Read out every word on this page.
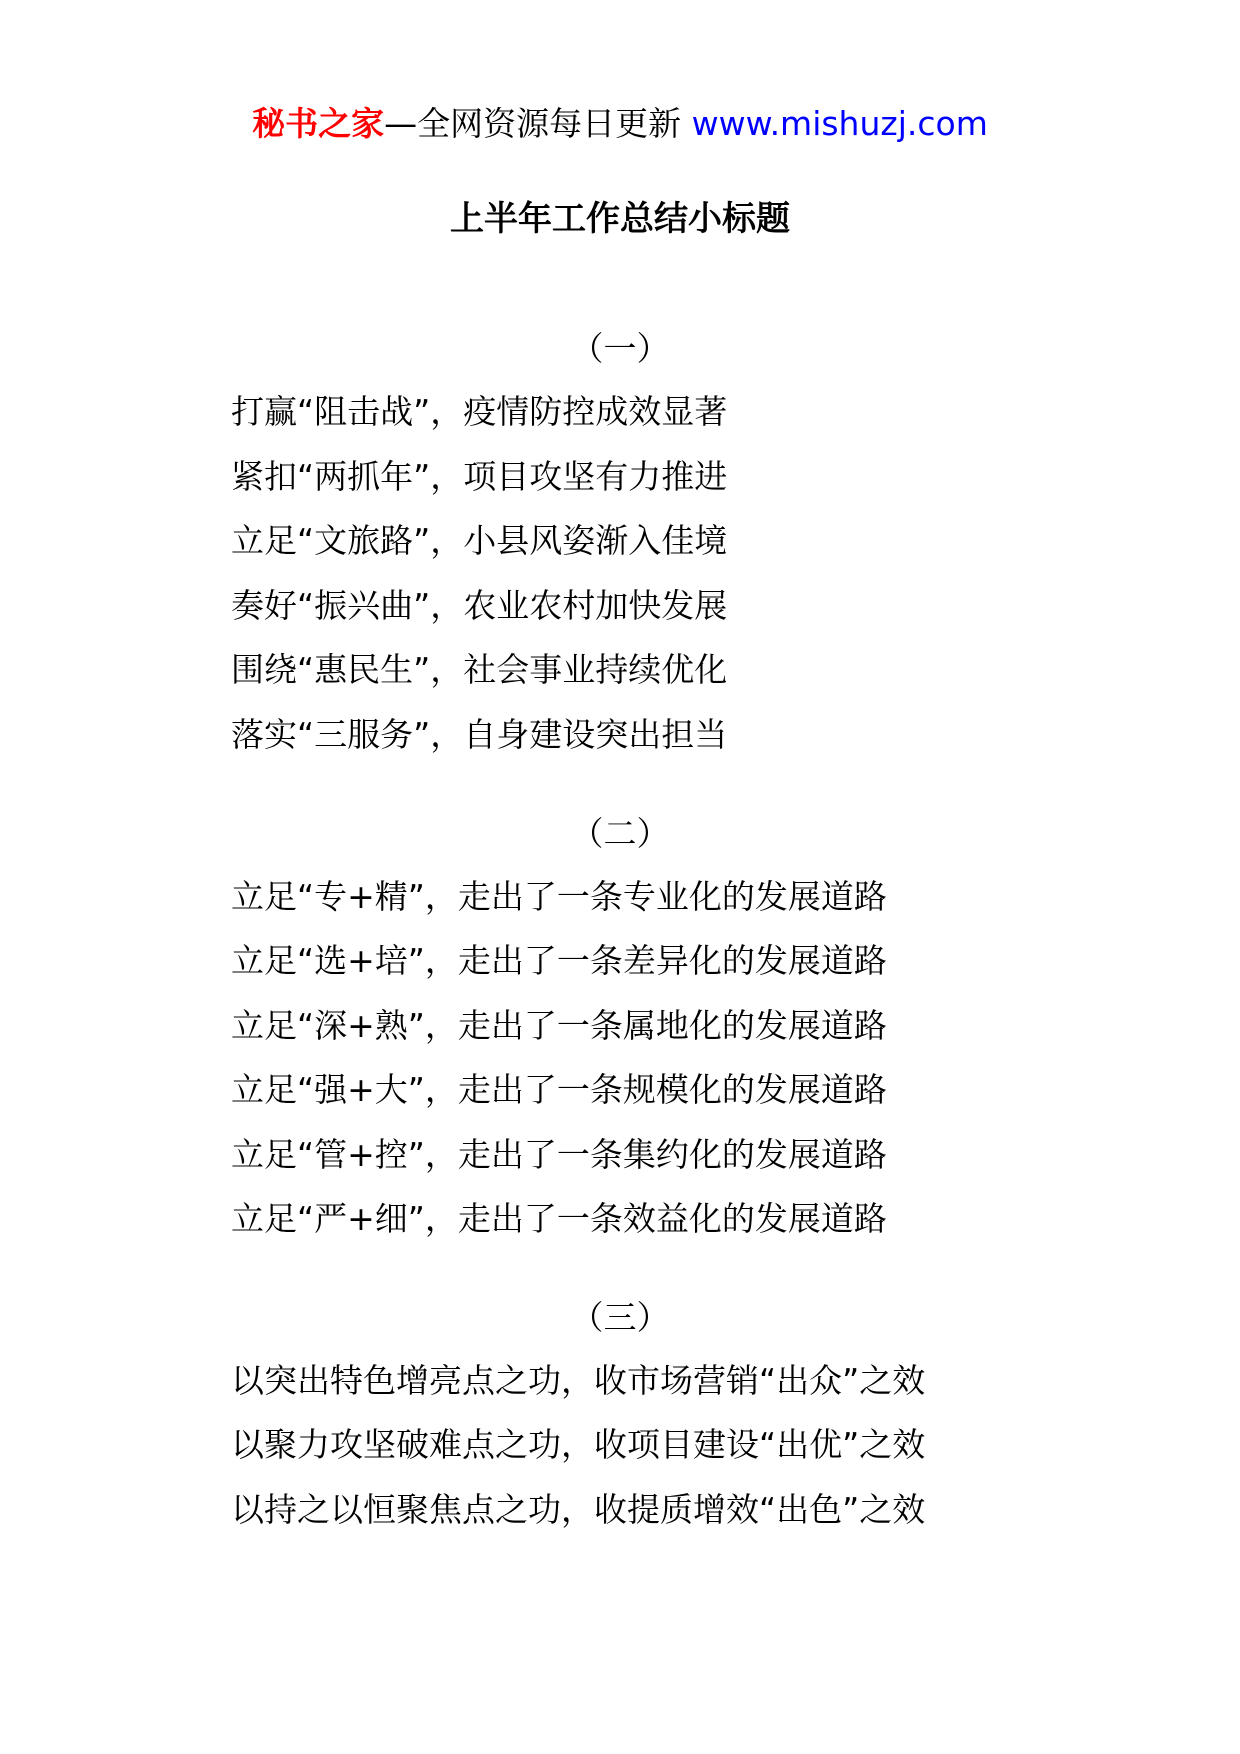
秘书之家—全网资源每日更新 www.mishuzj.com
上半年工作总结小标题
（一）
打赢“阻击战”，疫情防控成效显著
紧扣“两抓年”，项目攻坚有力推进
立足“文旅路”，小县风姿渐入佳境
奏好“振兴曲”，农业农村加快发展
围绕“惠民生”，社会事业持续优化
落实“三服务”，自身建设突出担当
（二）
立足“专+精”，走出了一条专业化的发展道路
立足“选+培”，走出了一条差异化的发展道路
立足“深+熟”，走出了一条属地化的发展道路
立足“强+大”，走出了一条规模化的发展道路
立足“管+控”，走出了一条集约化的发展道路
立足“严+细”，走出了一条效益化的发展道路
（三）
以突出特色增亮点之功，收市场营销“出众”之效
以聚力攻坚破难点之功，收项目建设“出优”之效
以持之以恒聚焦点之功，收提质增效“出色”之效
